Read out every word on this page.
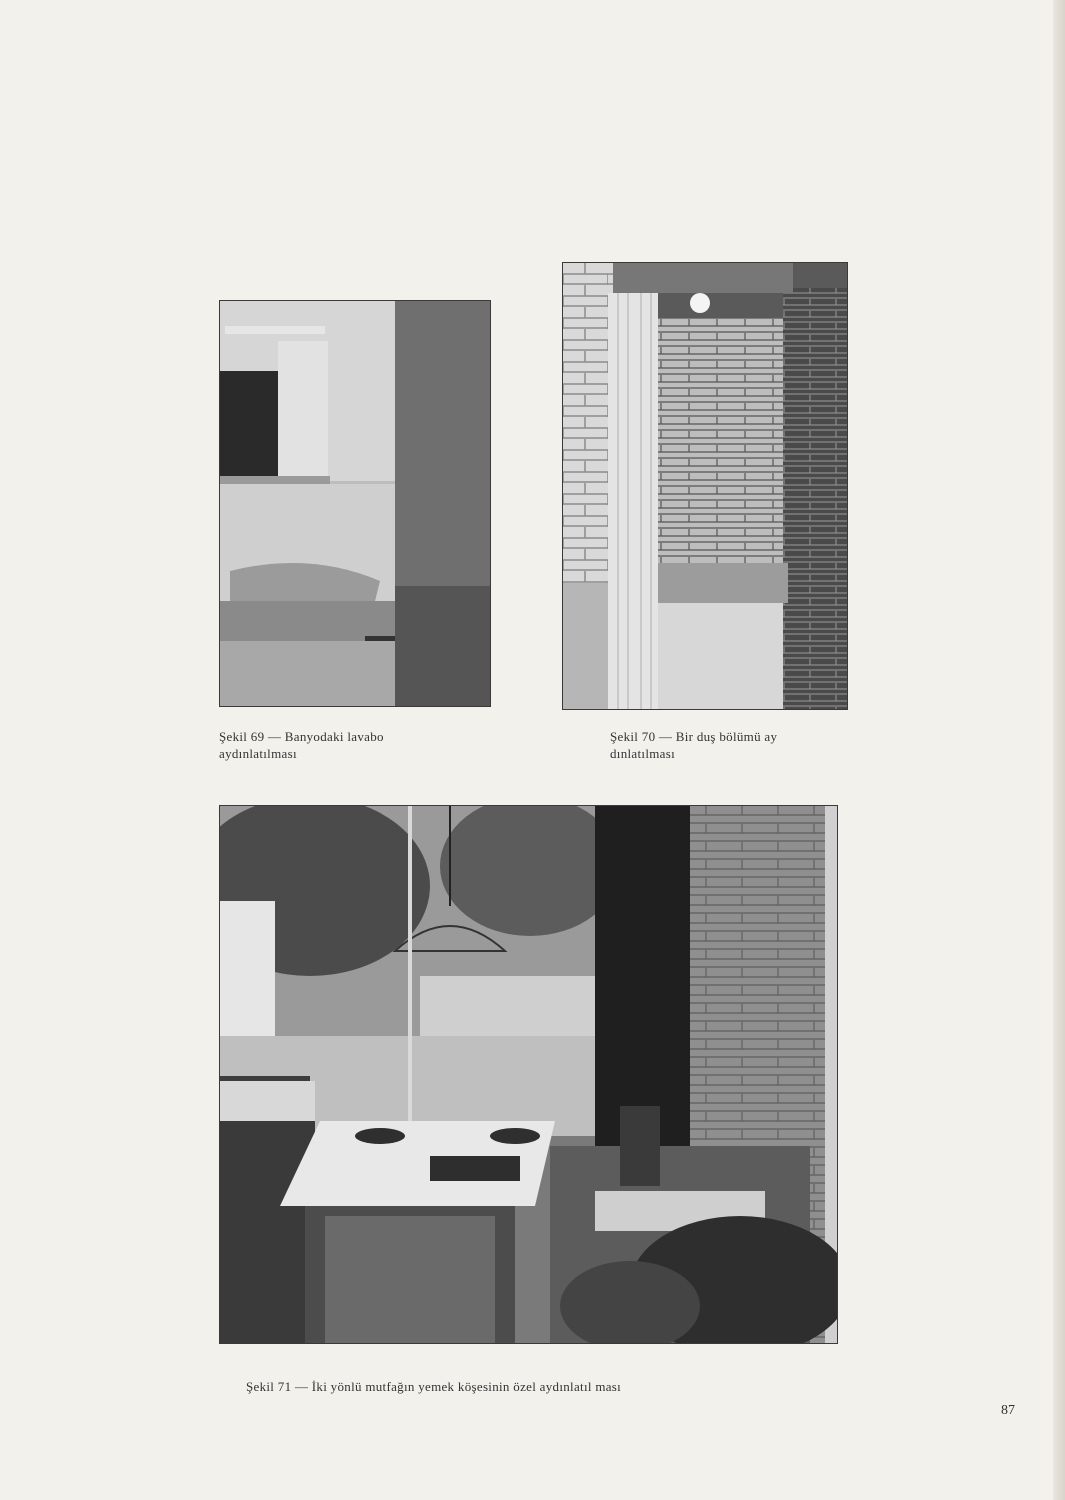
Şekil 69 — Banyodaki lavabo
aydınlatılması
Şekil 70 — Bir duş bölümü ay
dınlatılması
Şekil 71 — İki yönlü mutfağın yemek köşesinin özel aydınlatıl ması
87
